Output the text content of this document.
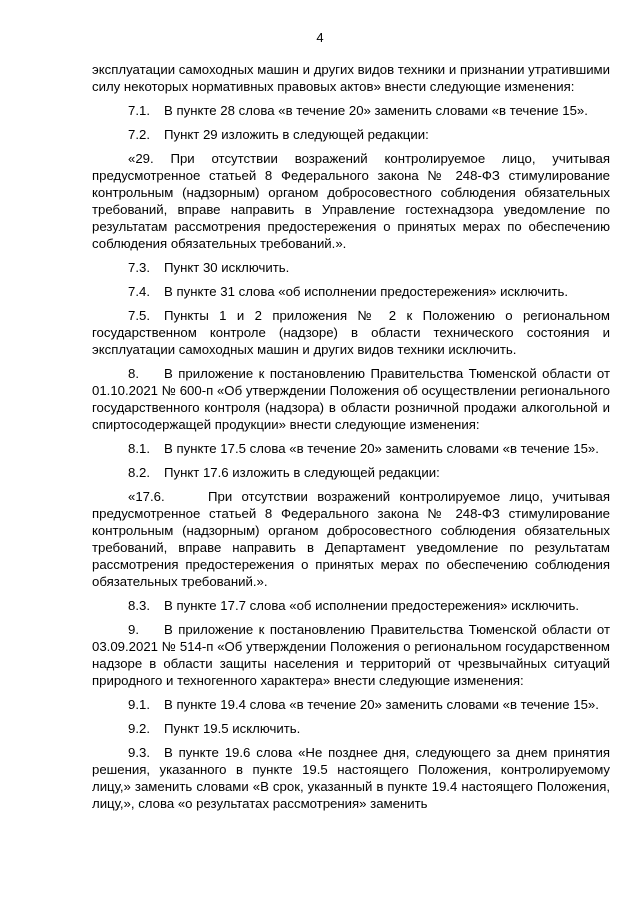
4

эксплуатации самоходных машин и других видов техники и признании утратившими силу некоторых нормативных правовых актов» внести следующие изменения:

7.1. В пункте 28 слова «в течение 20» заменить словами «в течение 15».

7.2. Пункт 29 изложить в следующей редакции:

«29. При отсутствии возражений контролируемое лицо, учитывая предусмотренное статьей 8 Федерального закона № 248-ФЗ стимулирование контрольным (надзорным) органом добросовестного соблюдения обязательных требований, вправе направить в Управление гостехнадзора уведомление по результатам рассмотрения предостережения о принятых мерах по обеспечению соблюдения обязательных требований.».

7.3. Пункт 30 исключить.

7.4. В пункте 31 слова «об исполнении предостережения» исключить.

7.5. Пункты 1 и 2 приложения № 2 к Положению о региональном государственном контроле (надзоре) в области технического состояния и эксплуатации самоходных машин и других видов техники исключить.

8. В приложение к постановлению Правительства Тюменской области от 01.10.2021 № 600-п «Об утверждении Положения об осуществлении регионального государственного контроля (надзора) в области розничной продажи алкогольной и спиртосодержащей продукции» внести следующие изменения:

8.1. В пункте 17.5 слова «в течение 20» заменить словами «в течение 15».

8.2. Пункт 17.6 изложить в следующей редакции:

«17.6.	При отсутствии возражений контролируемое лицо, учитывая предусмотренное статьей 8 Федерального закона № 248-ФЗ стимулирование контрольным (надзорным) органом добросовестного соблюдения обязательных требований, вправе направить в Департамент уведомление по результатам рассмотрения предостережения о принятых мерах по обеспечению соблюдения обязательных требований.».

8.3. В пункте 17.7 слова «об исполнении предостережения» исключить.

9. В приложение к постановлению Правительства Тюменской области от 03.09.2021 № 514-п «Об утверждении Положения о региональном государственном надзоре в области защиты населения и территорий от чрезвычайных ситуаций природного и техногенного характера» внести следующие изменения:

9.1. В пункте 19.4 слова «в течение 20» заменить словами «в течение 15».

9.2. Пункт 19.5 исключить.

9.3. В пункте 19.6 слова «Не позднее дня, следующего за днем принятия решения, указанного в пункте 19.5 настоящего Положения, контролируемому лицу,» заменить словами «В срок, указанный в пункте 19.4 настоящего Положения, лицу,», слова «о результатах рассмотрения» заменить
